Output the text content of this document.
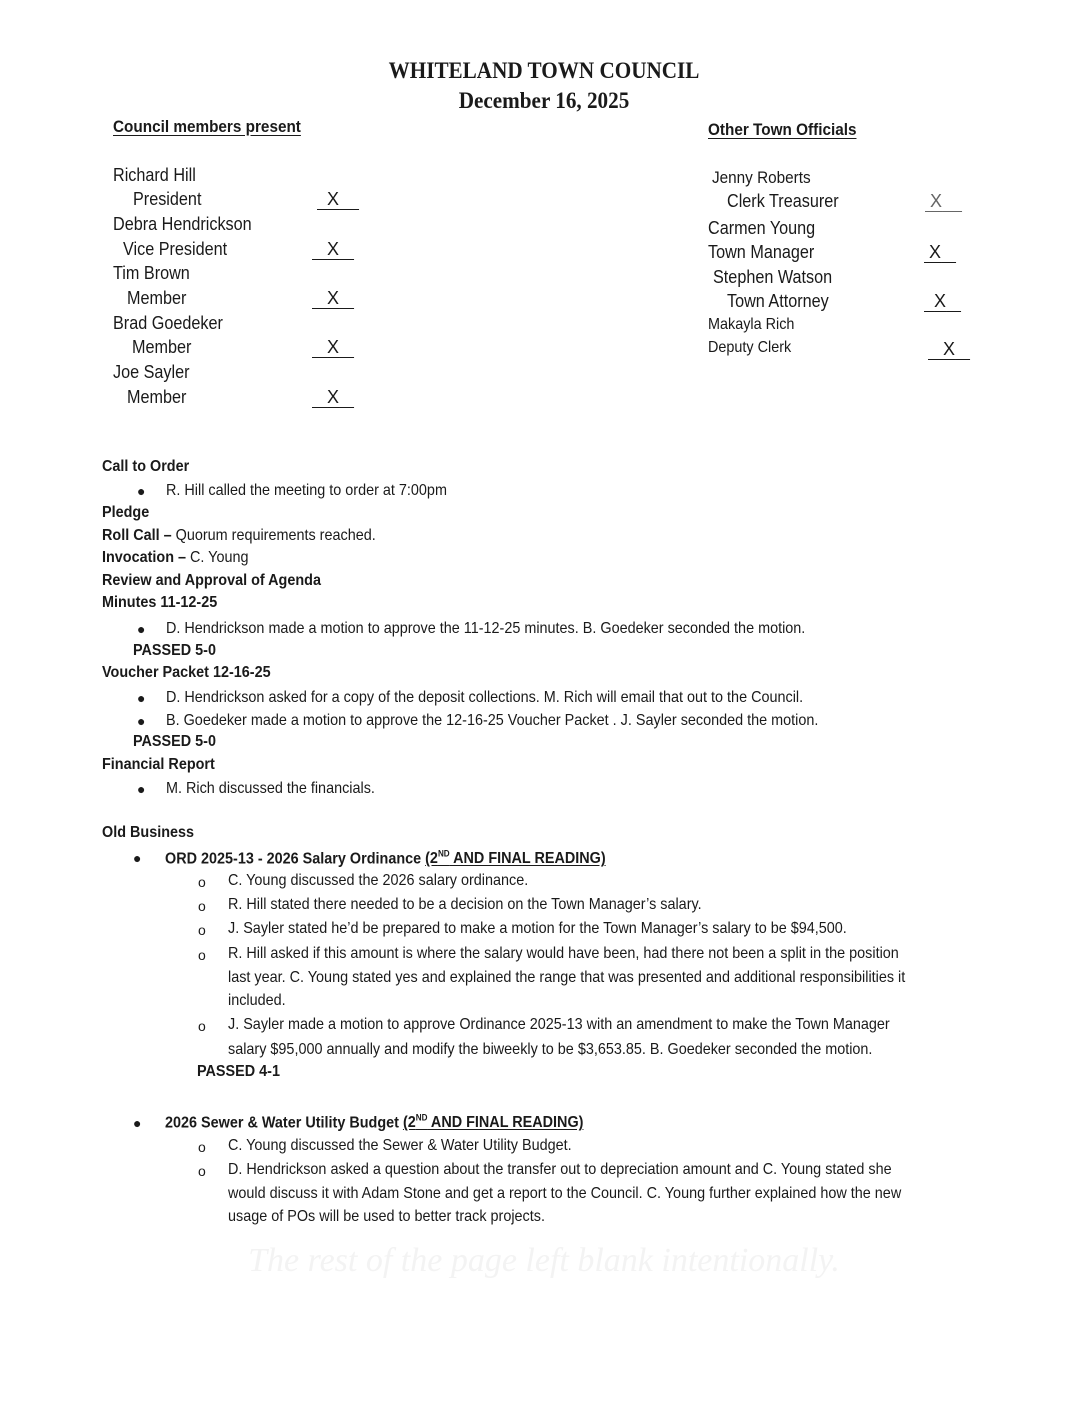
WHITELAND TOWN COUNCIL
December 16, 2025
Council members present
Richard Hill
President	X
Debra Hendrickson
Vice President	X
Tim Brown
Member	X
Brad Goedeker
Member	X
Joe Sayler
Member	X
Other Town Officials
Jenny Roberts
Clerk Treasurer	X
Carmen Young
Town Manager	X
Stephen Watson
Town Attorney	X
Makayla Rich
Deputy Clerk	X
Call to Order
● R. Hill called the meeting to order at 7:00pm
Pledge
Roll Call – Quorum requirements reached.
Invocation – C. Young
Review and Approval of Agenda
Minutes 11-12-25
● D. Hendrickson made a motion to approve the 11-12-25 minutes. B. Goedeker seconded the motion.
PASSED 5-0
Voucher Packet 12-16-25
● D. Hendrickson asked for a copy of the deposit collections. M. Rich will email that out to the Council.
● B. Goedeker made a motion to approve the 12-16-25 Voucher Packet . J. Sayler seconded the motion.
PASSED 5-0
Financial Report
● M. Rich discussed the financials.
Old Business
● ORD 2025-13 - 2026 Salary Ordinance (2ND AND FINAL READING)
o C. Young discussed the 2026 salary ordinance.
o R. Hill stated there needed to be a decision on the Town Manager’s salary.
o J. Sayler stated he’d be prepared to make a motion for the Town Manager’s salary to be $94,500.
o R. Hill asked if this amount is where the salary would have been, had there not been a split in the position
last year. C. Young stated yes and explained the range that was presented and additional responsibilities it
included.
o J. Sayler made a motion to approve Ordinance 2025-13 with an amendment to make the Town Manager
salary $95,000 annually and modify the biweekly to be $3,653.85. B. Goedeker seconded the motion.
PASSED 4-1
● 2026 Sewer & Water Utility Budget (2ND AND FINAL READING)
o C. Young discussed the Sewer & Water Utility Budget.
o D. Hendrickson asked a question about the transfer out to depreciation amount and C. Young stated she
would discuss it with Adam Stone and get a report to the Council. C. Young further explained how the new
usage of POs will be used to better track projects.
The rest of the page left blank intentionally.
